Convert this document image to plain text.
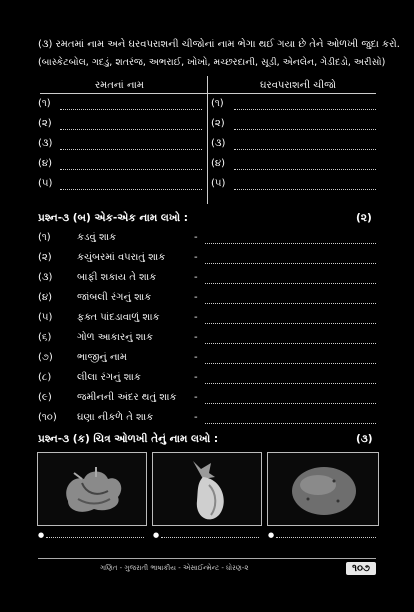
(૩) રમતમાં નામ અને ઘરવપરાશની ચીજોનાં નામ ભેગા થઈ ગયા છે તેને ઓળખી જુદા કરો.
(બાસ્કેટબોલ, ગદડું, શતરંજ, અભરાઈ, ખોખો, મચ્છરદાની, સૂડી, એનલેન, ગેડીદડો, અરીસો)
રમતનાં નામ	ઘરવપરાશની ચીજો
(૧)	(૧)
(૨)	(૨)
(૩)	(૩)
(૪)	(૪)
(૫)	(૫)
પ્રશ્ન-૩ (બ) એક-એક નામ લખો :	(૨)
(૧)	કડવું શાક	-
(૨)	કચુંબરમાં વપરાતું શાક	-
(૩) બાફી શકાય તે શાક	-
(૪) જાંબલી રંગનું શાક	-
(૫) ફક્ત પાંદડાવાળું શાક	-
(૬)	ગોળ આકારનું શાક	-
(૭) ભાજીનું નામ	-
(૮)	લીલા રંગનું શાક	-
(૯)	જમીનની અંદર થતું શાક -
(૧૦) ઘણા નીકળે તે શાક	-
પ્રશ્ન-૩ (ક) ચિત્ર ઓળખી તેનું નામ લખો :	(૩)
●	●	●
ગણિત - ગુજરાતી ભાષાકીય - એસાઈન્મેન્ટ - ધોરણ-૨	૧૦૭
